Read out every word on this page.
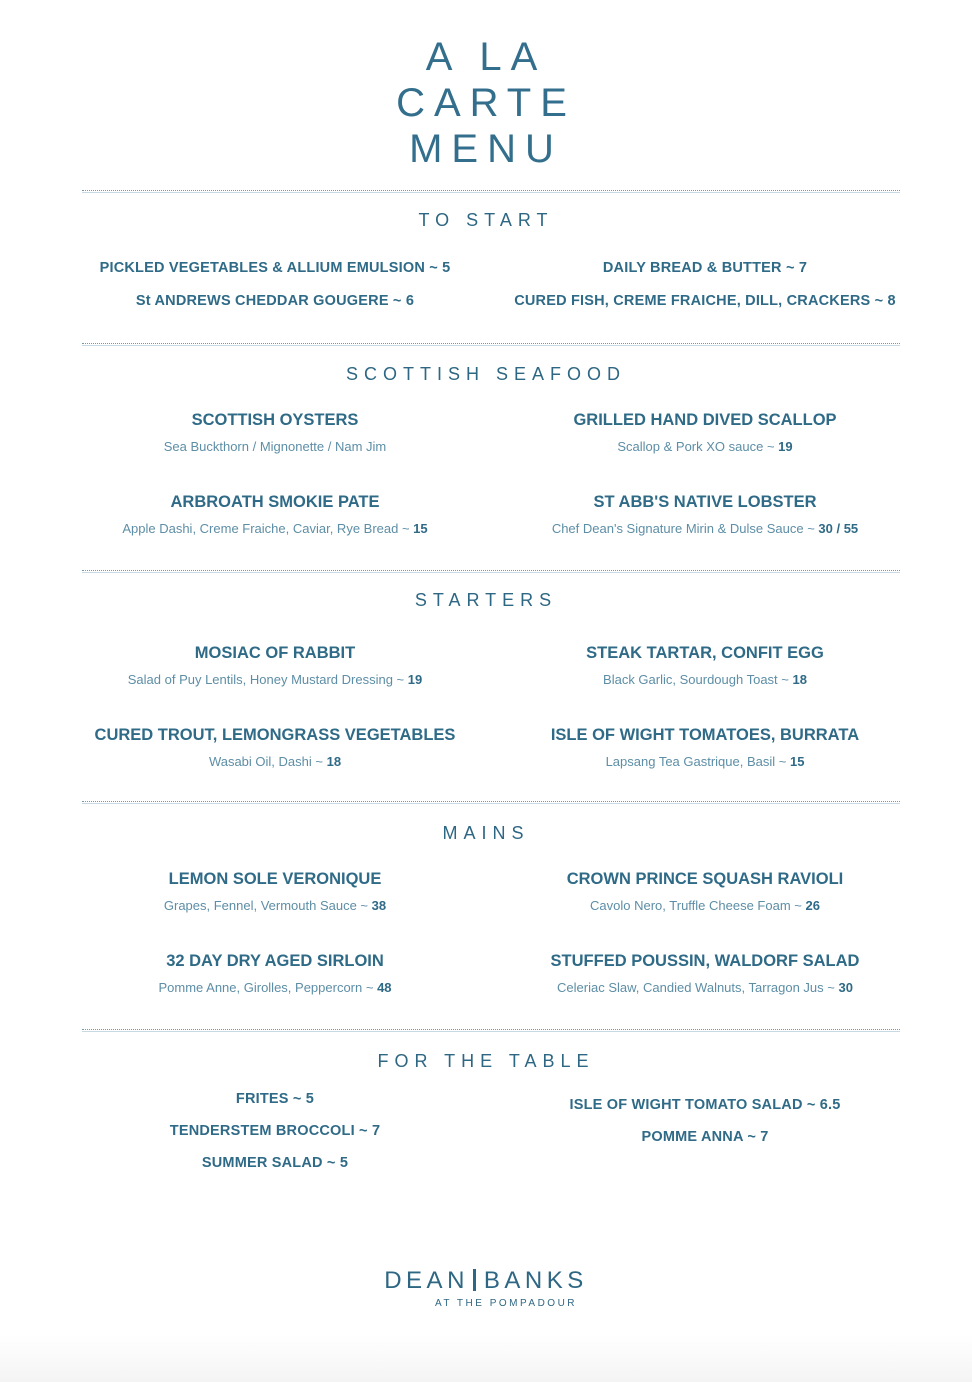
A LA
CARTE
MENU
TO START
PICKLED VEGETABLES & ALLIUM EMULSION ~ 5
St ANDREWS CHEDDAR GOUGERE ~ 6
DAILY BREAD & BUTTER ~ 7
CURED FISH, CREME FRAICHE, DILL, CRACKERS ~ 8
SCOTTISH SEAFOOD
SCOTTISH OYSTERS
Sea Buckthorn / Mignonette / Nam Jim
ARBROATH SMOKIE PATE
Apple Dashi, Creme Fraiche, Caviar, Rye Bread ~ 15
GRILLED HAND DIVED SCALLOP
Scallop & Pork XO sauce ~ 19
ST ABB'S NATIVE LOBSTER
Chef Dean's Signature Mirin & Dulse Sauce ~ 30 / 55
STARTERS
MOSIAC OF RABBIT
Salad of Puy Lentils, Honey Mustard Dressing ~ 19
CURED TROUT, LEMONGRASS VEGETABLES
Wasabi Oil, Dashi ~ 18
STEAK TARTAR, CONFIT EGG
Black Garlic, Sourdough Toast ~ 18
ISLE OF WIGHT TOMATOES, BURRATA
Lapsang Tea Gastrique, Basil ~ 15
MAINS
LEMON SOLE VERONIQUE
Grapes, Fennel, Vermouth Sauce ~ 38
32 DAY DRY AGED SIRLOIN
Pomme Anne, Girolles, Peppercorn ~ 48
CROWN PRINCE SQUASH RAVIOLI
Cavolo Nero, Truffle Cheese Foam ~ 26
STUFFED POUSSIN, WALDORF SALAD
Celeriac Slaw, Candied Walnuts, Tarragon Jus ~ 30
FOR THE TABLE
FRITES ~ 5
TENDERSTEM BROCCOLI ~ 7
SUMMER SALAD ~ 5
ISLE OF WIGHT TOMATO SALAD ~ 6.5
POMME ANNA ~ 7
DEAN BANKS
AT THE POMPADOUR
